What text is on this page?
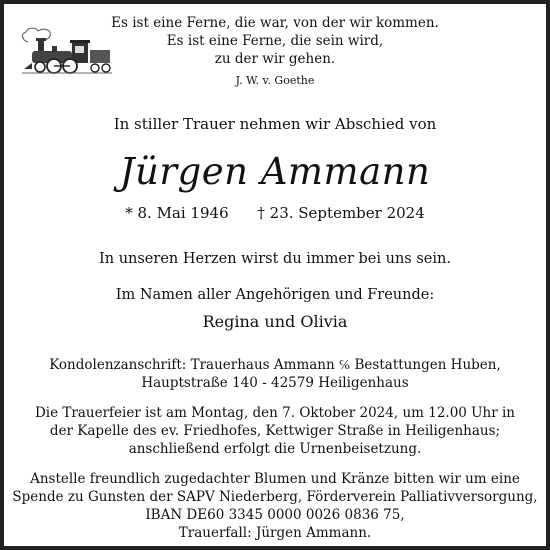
Es ist eine Ferne, die war, von der wir kommen.
Es ist eine Ferne, die sein wird,
zu der wir gehen.
J. W. v. Goethe
In stiller Trauer nehmen wir Abschied von
Jürgen Ammann
* 8. Mai 1946 † 23. September 2024
In unseren Herzen wirst du immer bei uns sein.
Im Namen aller Angehörigen und Freunde:
Regina und Olivia
Kondolenzanschrift: Trauerhaus Ammann ℅ Bestattungen Huben,
Hauptstraße 140 - 42579 Heiligenhaus
Die Trauerfeier ist am Montag, den 7. Oktober 2024, um 12.00 Uhr in
der Kapelle des ev. Friedhofes, Kettwiger Straße in Heiligenhaus;
anschließend erfolgt die Urnenbeisetzung.
Anstelle freundlich zugedachter Blumen und Kränze bitten wir um eine
Spende zu Gunsten der SAPV Niederberg, Förderverein Palliativversorgung,
IBAN DE60 3345 0000 0026 0836 75,
Trauerfall: Jürgen Ammann.
